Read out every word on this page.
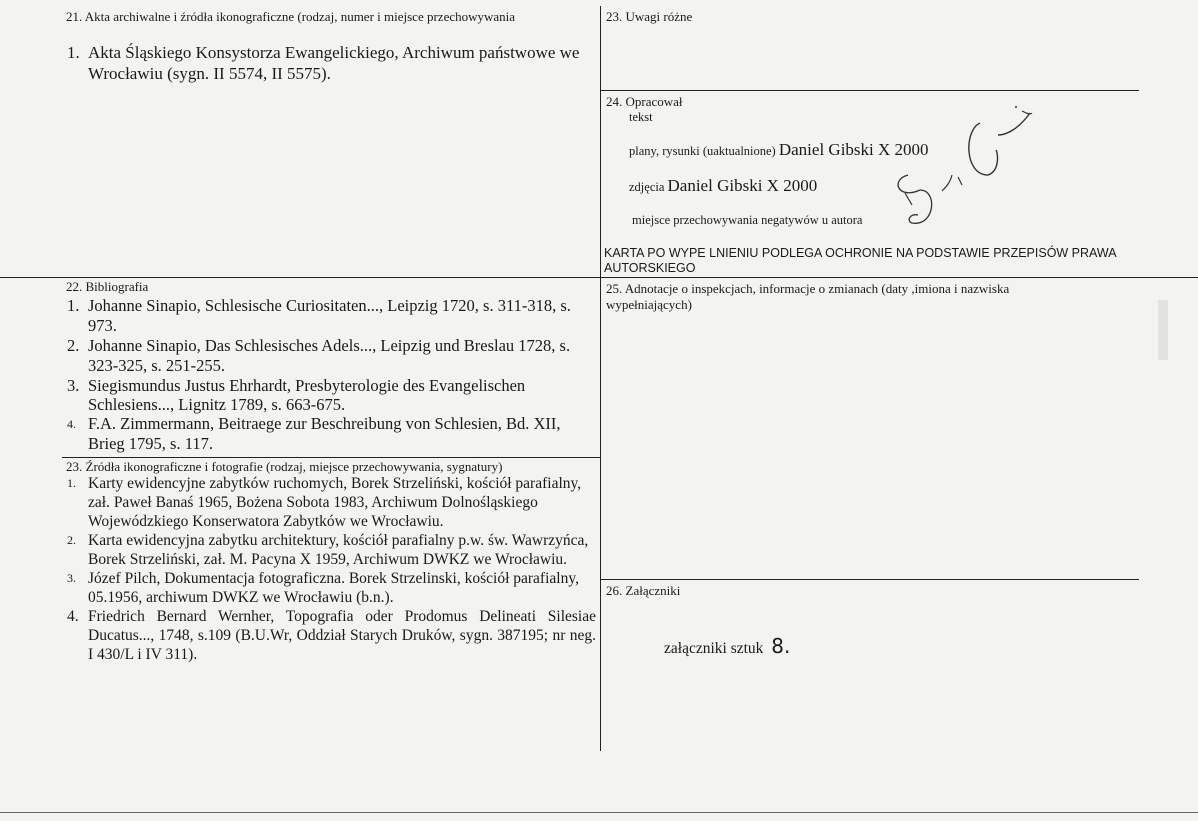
21. Akta archiwalne i źródła ikonograficzne (rodzaj, numer i miejsce przechowywania
1. Akta Śląskiego Konsystorza Ewangelickiego, Archiwum państwowe we Wrocławiu (sygn. II 5574, II 5575).
23. Uwagi różne
24. Opracował
tekst
plany, rysunki (uaktualnione) Daniel Gibski X 2000
zdjęcia Daniel Gibski X 2000
miejsce przechowywania negatywów u autora
KARTA PO WYPE LNIENIU PODLEGA OCHRONIE NA PODSTAWIE PRZEPISÓW PRAWA AUTORSKIEGO
22. Bibliografia
1. Johanne Sinapio, Schlesische Curiositaten..., Leipzig 1720, s. 311-318, s. 973.
2. Johanne Sinapio, Das Schlesisches Adels..., Leipzig und Breslau 1728, s. 323-325, s. 251-255.
3. Siegismundus Justus Ehrhardt, Presbyterologie des Evangelischen Schlesiens..., Lignitz 1789, s. 663-675.
4. F.A. Zimmermann, Beitraege zur Beschreibung von Schlesien, Bd. XII, Brieg 1795, s. 117.
23. Źródła ikonograficzne i fotografie (rodzaj, miejsce przechowywania, sygnatury)
1. Karty ewidencyjne zabytków ruchomych, Borek Strzeliński, kościół parafialny, zał. Paweł Banaś 1965, Bożena Sobota 1983, Archiwum Dolnośląskiego Wojewódzkiego Konserwatora Zabytków we Wrocławiu.
2. Karta ewidencyjna zabytku architektury, kościół parafialny p.w. św. Wawrzyńca, Borek Strzeliński, zał. M. Pacyna X 1959, Archiwum DWKZ we Wrocławiu.
3. Józef Pilch, Dokumentacja fotograficzna. Borek Strzelinski, kościół parafialny, 05.1956, archiwum DWKZ we Wrocławiu (b.n.).
4. Friedrich Bernard Wernher, Topografia oder Prodomus Delineati Silesiae Ducatus..., 1748, s.109 (B.U.Wr, Oddział Starych Druków, sygn. 387195; nr neg. I 430/L i IV 311).
25. Adnotacje o inspekcjach, informacje o zmianach (daty ,imiona i nazwiska
wypełniających)
26. Załączniki
załączniki sztuk 8.
